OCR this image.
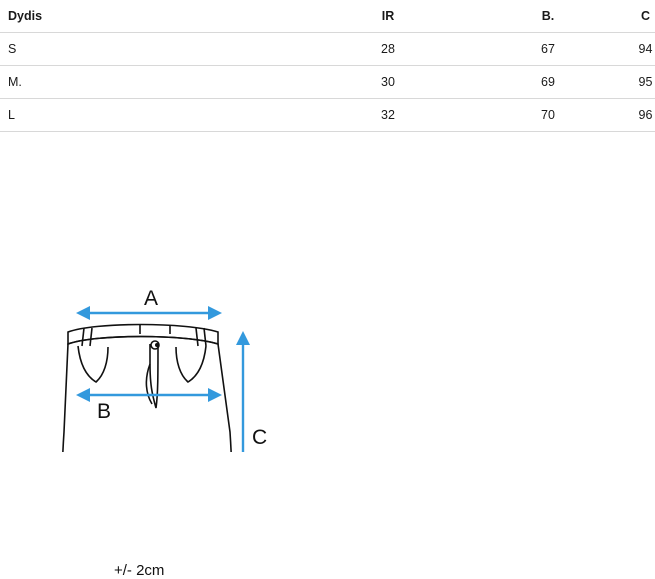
Dydis	IR	B.	C
S	28	67	94
M.	30	69	95
L	32	70	96
A
B
C
+/- 2cm
